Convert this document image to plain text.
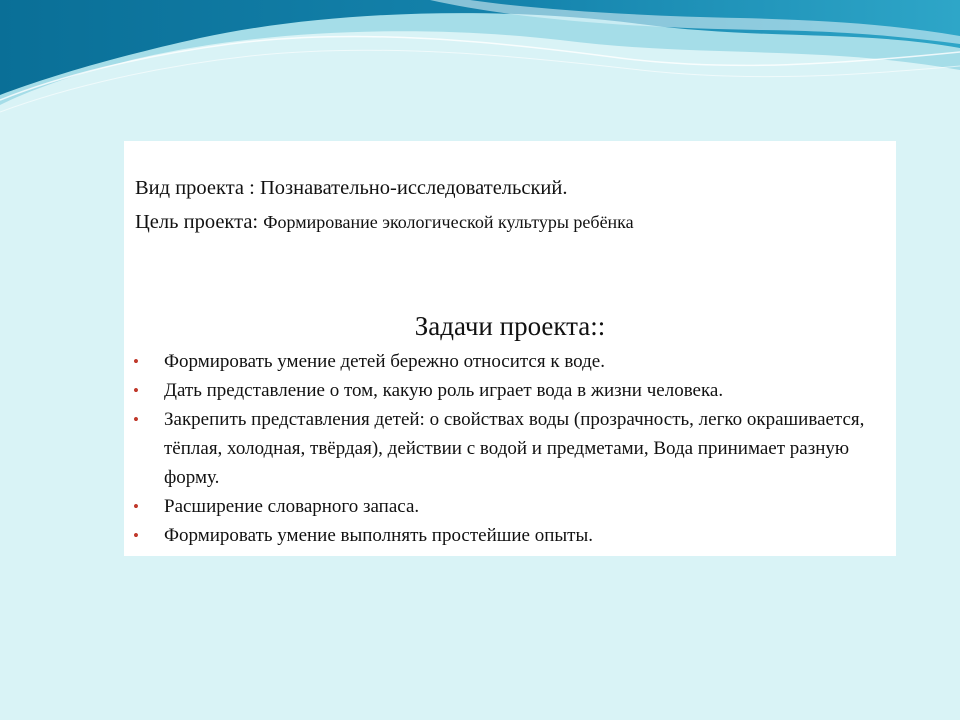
Вид проекта : Познавательно-исследовательский.
Цель проекта: Формирование экологической культуры ребёнка
Задачи проекта::
• Формировать умение детей бережно относится к воде.
• Дать представление о том, какую роль играет вода в жизни человека.
• Закрепить представления детей: о свойствах воды (прозрачность, легко окрашивается, тёплая, холодная, твёрдая), действии с водой и предметами, Вода принимает разную форму.
• Расширение словарного запаса.
• Формировать умение выполнять простейшие опыты.
